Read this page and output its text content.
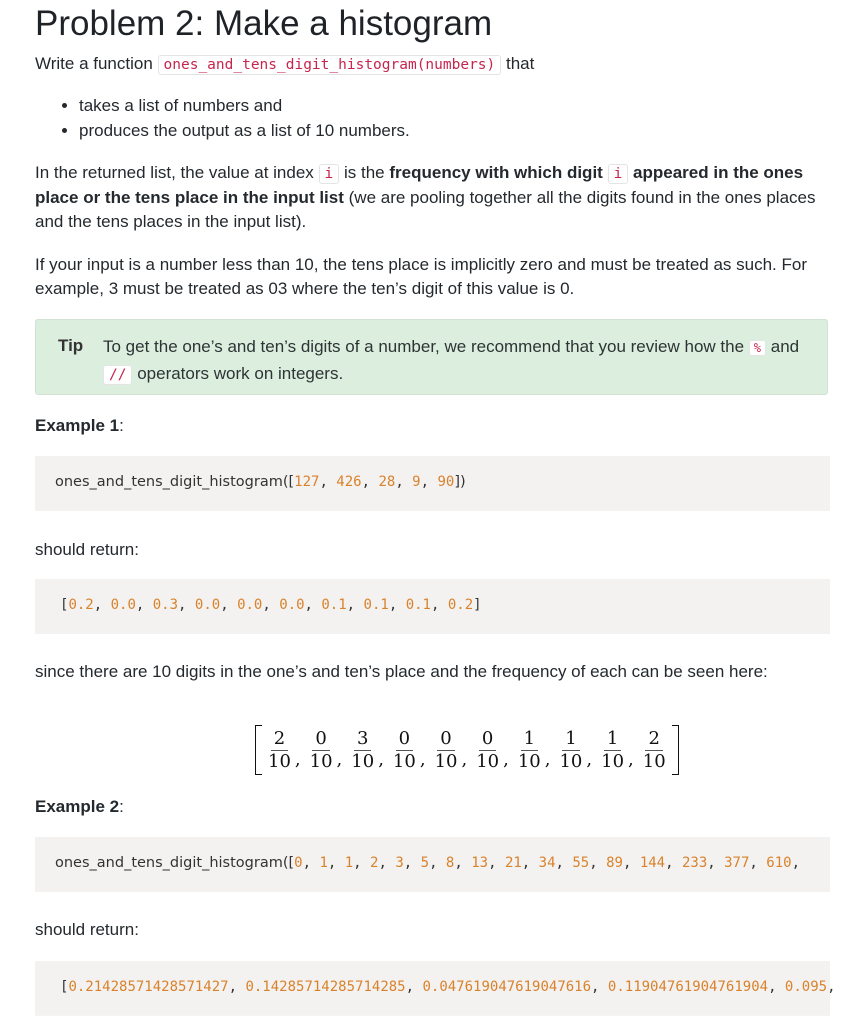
Problem 2: Make a histogram

Write a function ones_and_tens_digit_histogram(numbers) that

• takes a list of numbers and
• produces the output as a list of 10 numbers.

In the returned list, the value at index i is the frequency with which digit i appeared in the ones place or the tens place in the input list (we are pooling together all the digits found in the ones places and the tens places in the input list).

If your input is a number less than 10, the tens place is implicitly zero and must be treated as such. For example, 3 must be treated as 03 where the ten’s digit of this value is 0.

Tip To get the one’s and ten’s digits of a number, we recommend that you review how the % and // operators work on integers.

Example 1:

ones_and_tens_digit_histogram([127, 426, 28, 9, 90])

should return:

[0.2, 0.0, 0.3, 0.0, 0.0, 0.0, 0.1, 0.1, 0.1, 0.2]

since there are 10 digits in the one’s and ten’s place and the frequency of each can be seen here:

$\frac{2}{10}$ , $\frac{0}{10}$ , $\frac{3}{10}$ , $\frac{0}{10}$ , $\frac{0}{10}$ , $\frac{0}{10}$ , $\frac{1}{10}$ , $\frac{1}{10}$ , $\frac{1}{10}$ , $\frac{2}{10}$

Example 2:

ones_and_tens_digit_histogram([0, 1, 1, 2, 3, 5, 8, 13, 21, 34, 55, 89, 144, 233, 377, 610,

should return:

[0.21428571428571427, 0.14285714285714285, 0.047619047619047616, 0.11904761904761904, 0.095,
